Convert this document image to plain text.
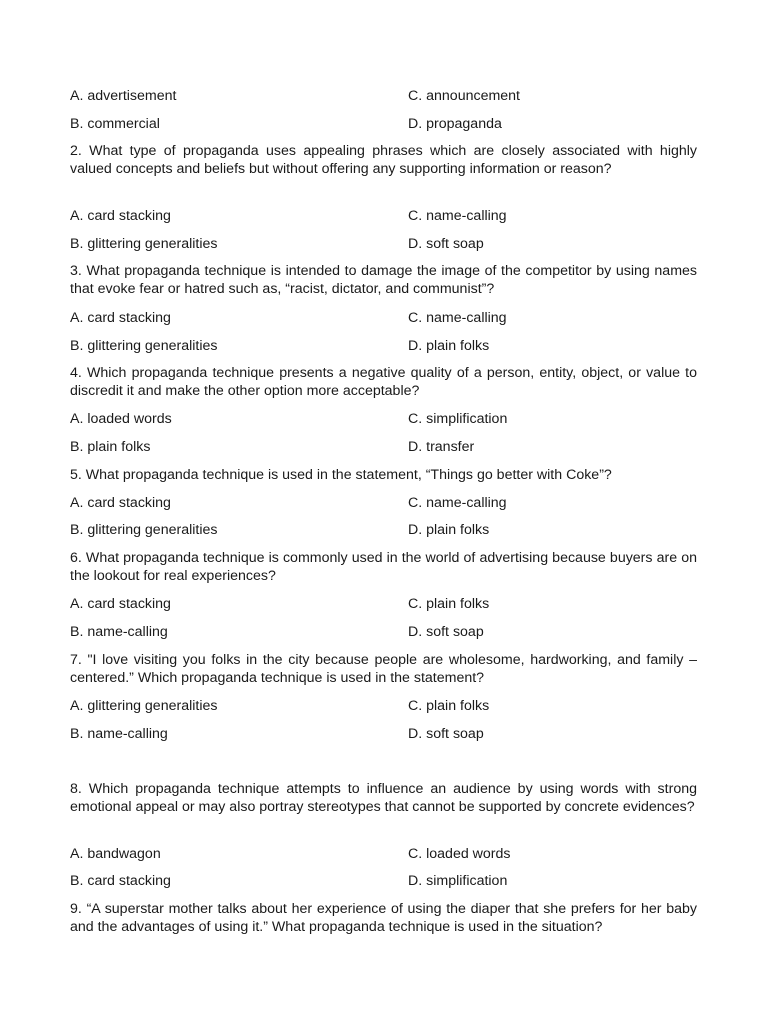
A. advertisement	C. announcement
B. commercial	D. propaganda
2. What type of propaganda uses appealing phrases which are closely associated with highly valued concepts and beliefs but without offering any supporting information or reason?
A. card stacking	C. name-calling
B. glittering generalities	D. soft soap
3. What propaganda technique is intended to damage the image of the competitor by using names that evoke fear or hatred such as, “racist, dictator, and communist”?
A. card stacking	C. name-calling
B. glittering generalities	D. plain folks
4. Which propaganda technique presents a negative quality of a person, entity, object, or value to discredit it and make the other option more acceptable?
A. loaded words	C. simplification
B. plain folks	D. transfer
5. What propaganda technique is used in the statement, “Things go better with Coke”?
A. card stacking	C. name-calling
B. glittering generalities	D. plain folks
6. What propaganda technique is commonly used in the world of advertising because buyers are on the lookout for real experiences?
A. card stacking	C. plain folks
B. name-calling	D. soft soap
7. "I love visiting you folks in the city because people are wholesome, hardworking, and family – centered.” Which propaganda technique is used in the statement?
A. glittering generalities	C. plain folks
B. name-calling	D. soft soap
8. Which propaganda technique attempts to influence an audience by using words with strong emotional appeal or may also portray stereotypes that cannot be supported by concrete evidences?
A. bandwagon	C. loaded words
B. card stacking	D. simplification
9. “A superstar mother talks about her experience of using the diaper that she prefers for her baby and the advantages of using it.” What propaganda technique is used in the situation?
